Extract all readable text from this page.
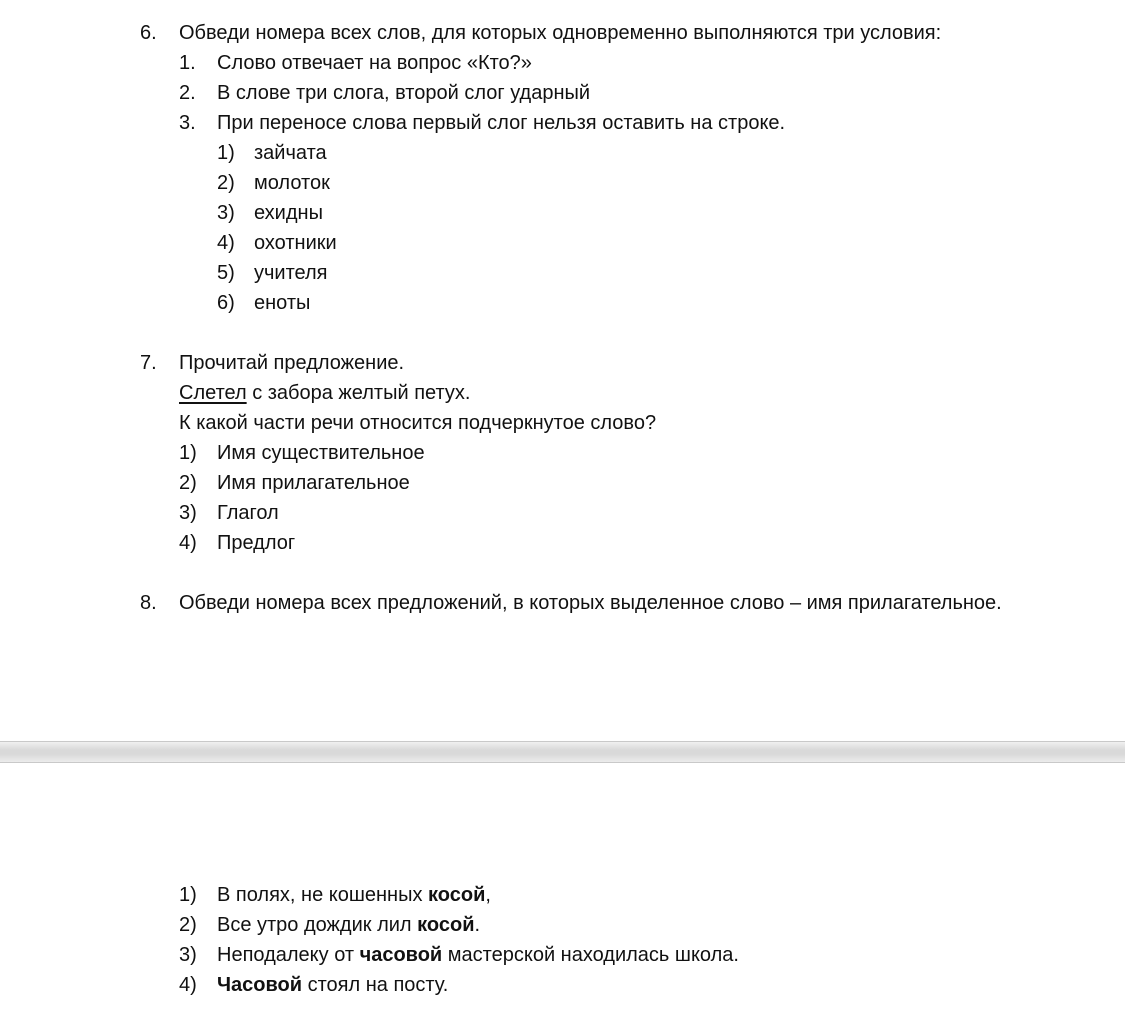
6. Обведи номера всех слов, для которых одновременно выполняются три условия:
1. Слово отвечает на вопрос «Кто?»
2. В слове три слога, второй слог ударный
3. При переносе слова первый слог нельзя оставить на строке.
1) зайчата
2) молоток
3) ехидны
4) охотники
5) учителя
6) еноты
7. Прочитай предложение.
Слетел с забора желтый петух.
К какой части речи относится подчеркнутое слово?
1) Имя существительное
2) Имя прилагательное
3) Глагол
4) Предлог
8. Обведи номера всех предложений, в которых выделенное слово – имя прилагательное.
1) В полях, не кошенных косой,
2) Все утро дождик лил косой.
3) Неподалеку от часовой мастерской находилась школа.
4) Часовой стоял на посту.
